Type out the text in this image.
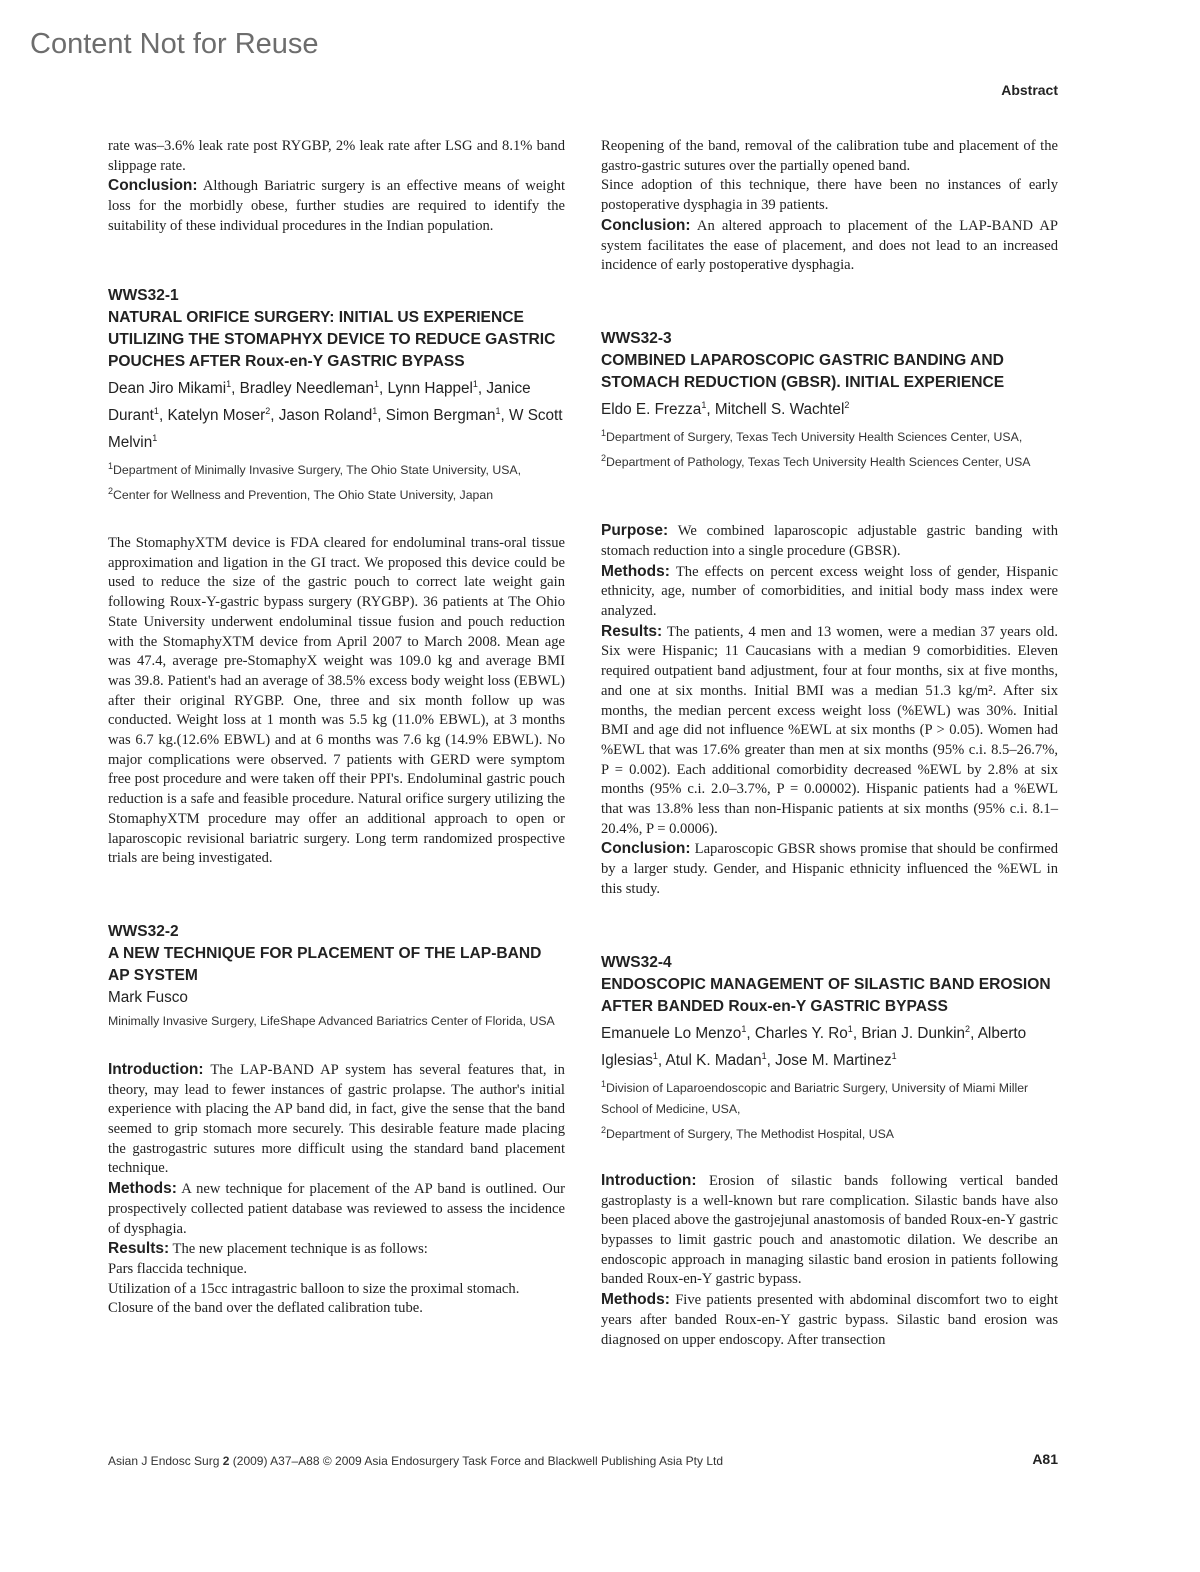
Content Not for Reuse
Abstract

rate was–3.6% leak rate post RYGBP, 2% leak rate after LSG and 8.1% band slippage rate.

Conclusion: Although Bariatric surgery is an effective means of weight loss for the morbidly obese, further studies are required to identify the suitability of these individual procedures in the Indian population.

WWS32-1

NATURAL ORIFICE SURGERY: INITIAL US EXPERIENCE UTILIZING THE STOMAPHYX DEVICE TO REDUCE GASTRIC POUCHES AFTER Roux-en-Y GASTRIC BYPASS

Dean Jiro Mikami$^1$, Bradley Needleman$^1$, Lynn Happel$^1$, Janice Durant$^1$, Katelyn Moser$^2$, Jason Roland$^1$, Simon Bergman$^1$, W Scott Melvin$^1$

$^1$Department of Minimally Invasive Surgery, The Ohio State University, USA,

$^2$Center for Wellness and Prevention, The Ohio State University, Japan

The StomaphyXTM device is FDA cleared for endoluminal trans-oral tissue approximation and ligation in the GI tract. We proposed this device could be used to reduce the size of the gastric pouch to correct late weight gain following Roux-Y-gastric bypass surgery (RYGBP). 36 patients at The Ohio State University underwent endoluminal tissue fusion and pouch reduction with the StomaphyXTM device from April 2007 to March 2008. Mean age was 47.4, average pre-StomaphyX weight was 109.0 kg and average BMI was 39.8. Patient's had an average of 38.5% excess body weight loss (EBWL) after their original RYGBP. One, three and six month follow up was conducted. Weight loss at 1 month was 5.5 kg (11.0% EBWL), at 3 months was 6.7 kg.(12.6% EBWL) and at 6 months was 7.6 kg (14.9% EBWL). No major complications were observed. 7 patients with GERD were symptom free post procedure and were taken off their PPI's. Endoluminal gastric pouch reduction is a safe and feasible procedure. Natural orifice surgery utilizing the StomaphyXTM procedure may offer an additional approach to open or laparoscopic revisional bariatric surgery. Long term randomized prospective trials are being investigated.

WWS32-2

A NEW TECHNIQUE FOR PLACEMENT OF THE LAP-BAND AP SYSTEM

Mark Fusco

Minimally Invasive Surgery, LifeShape Advanced Bariatrics Center of Florida, USA

Introduction: The LAP-BAND AP system has several features that, in theory, may lead to fewer instances of gastric prolapse. The author's initial experience with placing the AP band did, in fact, give the sense that the band seemed to grip stomach more securely. This desirable feature made placing the gastrogastric sutures more difficult using the standard band placement technique.

Methods: A new technique for placement of the AP band is outlined. Our prospectively collected patient database was reviewed to assess the incidence of dysphagia.

Results: The new placement technique is as follows:

Pars flaccida technique.

Utilization of a 15cc intragastric balloon to size the proximal stomach.

Closure of the band over the deflated calibration tube.

Reopening of the band, removal of the calibration tube and placement of the gastro-gastric sutures over the partially opened band.

Since adoption of this technique, there have been no instances of early postoperative dysphagia in 39 patients.

Conclusion: An altered approach to placement of the LAP-BAND AP system facilitates the ease of placement, and does not lead to an increased incidence of early postoperative dysphagia.

WWS32-3

COMBINED LAPAROSCOPIC GASTRIC BANDING AND STOMACH REDUCTION (GBSR). INITIAL EXPERIENCE

Eldo E. Frezza$^1$, Mitchell S. Wachtel$^2$

$^1$Department of Surgery, Texas Tech University Health Sciences Center, USA,

$^2$Department of Pathology, Texas Tech University Health Sciences Center, USA

Purpose: We combined laparoscopic adjustable gastric banding with stomach reduction into a single procedure (GBSR).

Methods: The effects on percent excess weight loss of gender, Hispanic ethnicity, age, number of comorbidities, and initial body mass index were analyzed.

Results: The patients, 4 men and 13 women, were a median 37 years old. Six were Hispanic; 11 Caucasians with a median 9 comorbidities. Eleven required outpatient band adjustment, four at four months, six at five months, and one at six months. Initial BMI was a median 51.3 kg/m². After six months, the median percent excess weight loss (%EWL) was 30%. Initial BMI and age did not influence %EWL at six months (P > 0.05). Women had %EWL that was 17.6% greater than men at six months (95% c.i. 8.5–26.7%, P = 0.002). Each additional comorbidity decreased %EWL by 2.8% at six months (95% c.i. 2.0–3.7%, P = 0.00002). Hispanic patients had a %EWL that was 13.8% less than non-Hispanic patients at six months (95% c.i. 8.1–20.4%, P = 0.0006).

Conclusion: Laparoscopic GBSR shows promise that should be confirmed by a larger study. Gender, and Hispanic ethnicity influenced the %EWL in this study.

WWS32-4

ENDOSCOPIC MANAGEMENT OF SILASTIC BAND EROSION AFTER BANDED Roux-en-Y GASTRIC BYPASS

Emanuele Lo Menzo$^1$, Charles Y. Ro$^1$, Brian J. Dunkin$^2$, Alberto Iglesias$^1$, Atul K. Madan$^1$, Jose M. Martinez$^1$

$^1$Division of Laparoendoscopic and Bariatric Surgery, University of Miami Miller School of Medicine, USA,

$^2$Department of Surgery, The Methodist Hospital, USA

Introduction: Erosion of silastic bands following vertical banded gastroplasty is a well-known but rare complication. Silastic bands have also been placed above the gastrojejunal anastomosis of banded Roux-en-Y gastric bypasses to limit gastric pouch and anastomotic dilation. We describe an endoscopic approach in managing silastic band erosion in patients following banded Roux-en-Y gastric bypass.

Methods: Five patients presented with abdominal discomfort two to eight years after banded Roux-en-Y gastric bypass. Silastic band erosion was diagnosed on upper endoscopy. After transection

Asian J Endosc Surg 2 (2009) A37–A88 © 2009 Asia Endosurgery Task Force and Blackwell Publishing Asia Pty Ltd	A81
